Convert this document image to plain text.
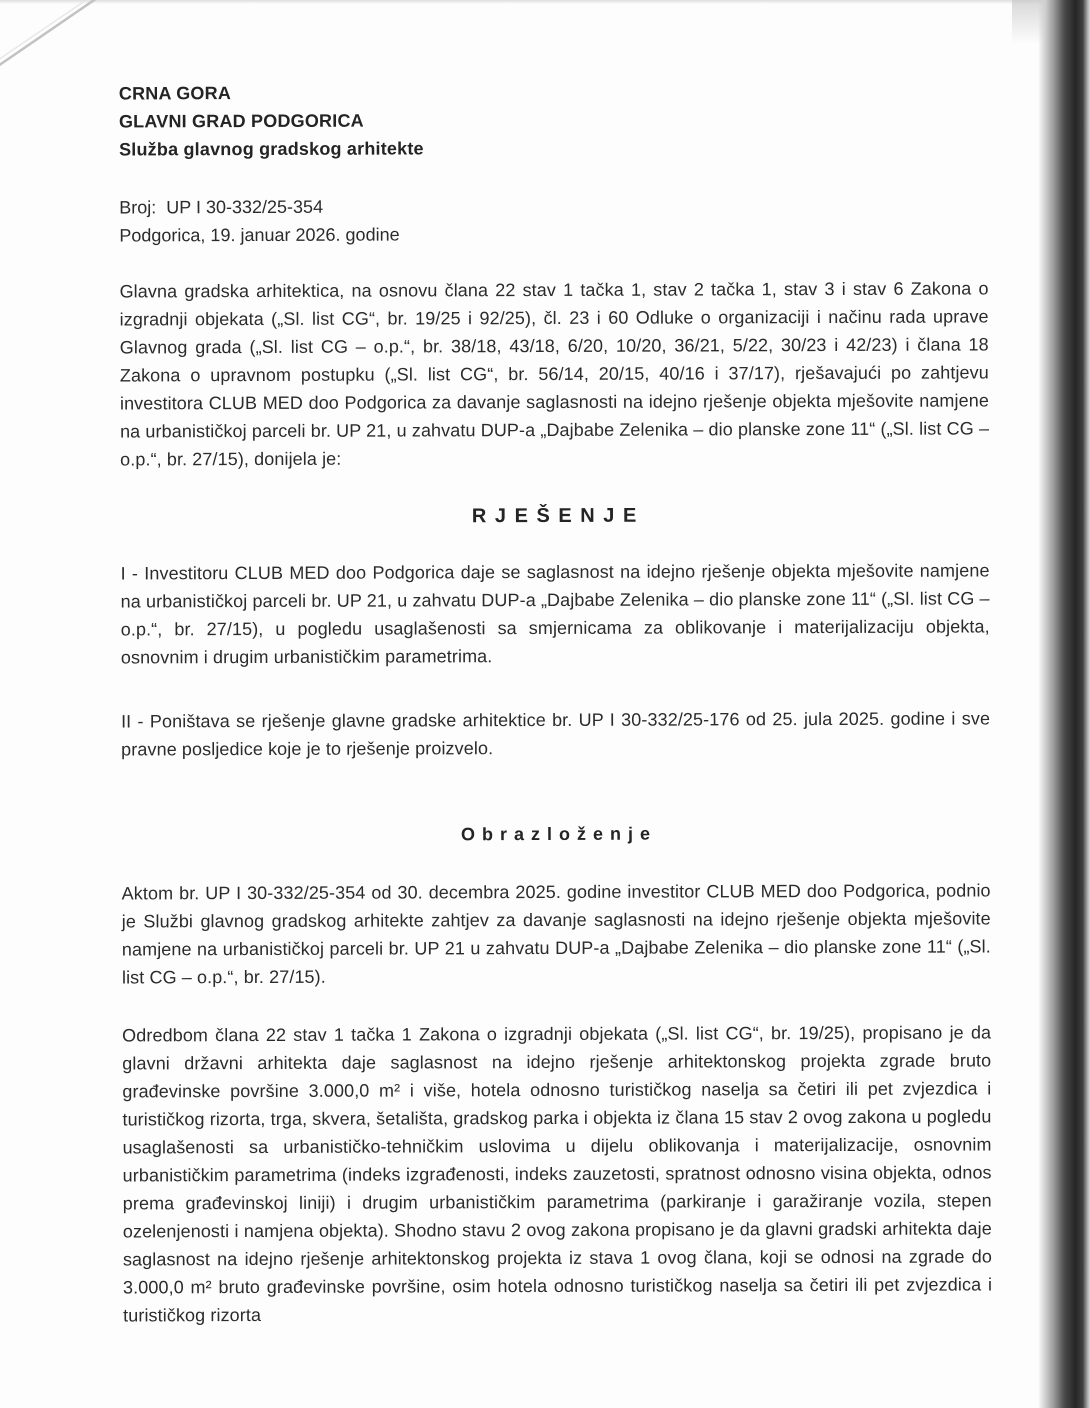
CRNA GORA

GLAVNI GRAD PODGORICA

Služba glavnog gradskog arhitekte

Broj:  UP I 30-332/25-354

Podgorica, 19. januar 2026. godine

Glavna gradska arhitektica, na osnovu člana 22 stav 1 tačka 1, stav 2 tačka 1, stav 3 i stav 6 Zakona o izgradnji objekata („Sl. list CG“, br. 19/25 i 92/25), čl. 23 i 60 Odluke o organizaciji i načinu rada uprave Glavnog grada („Sl. list CG – o.p.“, br. 38/18, 43/18, 6/20, 10/20, 36/21, 5/22, 30/23 i 42/23) i člana 18 Zakona o upravnom postupku („Sl. list CG“, br. 56/14, 20/15, 40/16 i 37/17), rješavajući po zahtjevu investitora CLUB MED doo Podgorica za davanje saglasnosti na idejno rješenje objekta mješovite namjene na urbanističkoj parceli br. UP 21, u zahvatu DUP-a „Dajbabe Zelenika – dio planske zone 11“ („Sl. list CG – o.p.“, br. 27/15), donijela je:

R J E Š E N J E

I - Investitoru CLUB MED doo Podgorica daje se saglasnost na idejno rješenje objekta mješovite namjene na urbanističkoj parceli br. UP 21, u zahvatu DUP-a „Dajbabe Zelenika – dio planske zone 11“ („Sl. list CG – o.p.“, br. 27/15), u pogledu usaglašenosti sa smjernicama za oblikovanje i materijalizaciju objekta, osnovnim i drugim urbanističkim parametrima.

II - Poništava se rješenje glavne gradske arhitektice br. UP I 30-332/25-176 od 25. jula 2025. godine i sve pravne posljedice koje je to rješenje proizvelo.

O b r a z l o ž e n j e

Aktom br. UP I 30-332/25-354 od 30. decembra 2025. godine investitor CLUB MED doo Podgorica, podnio je Službi glavnog gradskog arhitekte zahtjev za davanje saglasnosti na idejno rješenje objekta mješovite namjene na urbanističkoj parceli br. UP 21 u zahvatu DUP-a „Dajbabe Zelenika – dio planske zone 11“ („Sl. list CG – o.p.“, br. 27/15).

Odredbom člana 22 stav 1 tačka 1 Zakona o izgradnji objekata („Sl. list CG“, br. 19/25), propisano je da glavni državni arhitekta daje saglasnost na idejno rješenje arhitektonskog projekta zgrade bruto građevinske površine 3.000,0 m² i više, hotela odnosno turističkog naselja sa četiri ili pet zvjezdica i turističkog rizorta, trga, skvera, šetališta, gradskog parka i objekta iz člana 15 stav 2 ovog zakona u pogledu usaglašenosti sa urbanističko-tehničkim uslovima u dijelu oblikovanja i materijalizacije, osnovnim urbanističkim parametrima (indeks izgrađenosti, indeks zauzetosti, spratnost odnosno visina objekta, odnos prema građevinskoj liniji) i drugim urbanističkim parametrima (parkiranje i garažiranje vozila, stepen ozelenjenosti i namjena objekta). Shodno stavu 2 ovog zakona propisano je da glavni gradski arhitekta daje saglasnost na idejno rješenje arhitektonskog projekta iz stava 1 ovog člana, koji se odnosi na zgrade do 3.000,0 m² bruto građevinske površine, osim hotela odnosno turističkog naselja sa četiri ili pet zvjezdica i turističkog rizorta
